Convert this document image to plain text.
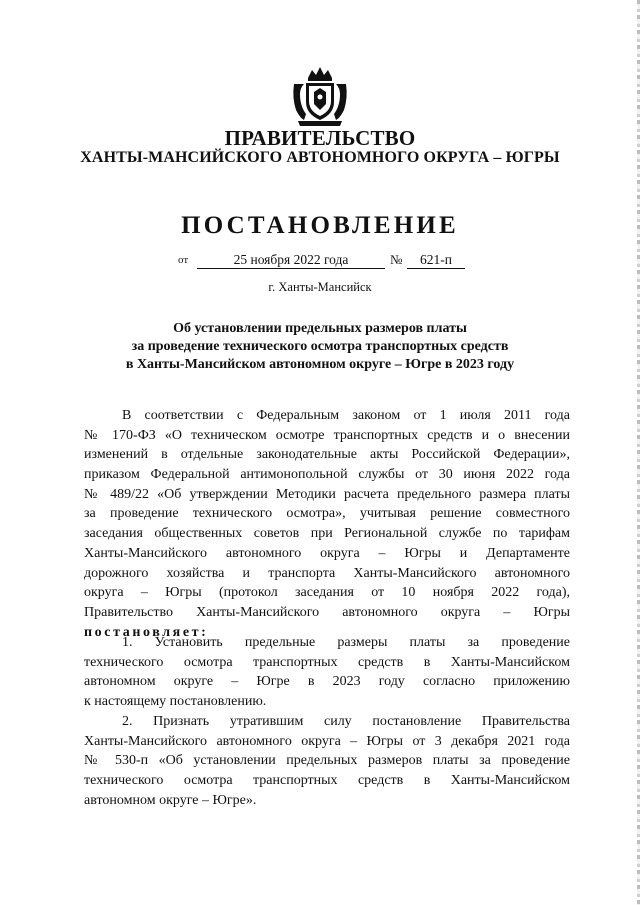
ПРАВИТЕЛЬСТВО
ХАНТЫ-МАНСИЙСКОГО АВТОНОМНОГО ОКРУГА – ЮГРЫ
ПОСТАНОВЛЕНИЕ
от	25 ноября 2022 года	№	621-п
г. Ханты-Мансийск
Об установлении предельных размеров платы
за проведение технического осмотра транспортных средств
в Ханты-Мансийском автономном округе – Югре в 2023 году
В соответствии с Федеральным законом от 1 июля 2011 года
№ 170-ФЗ «О техническом осмотре транспортных средств и о внесении
изменений в отдельные законодательные акты Российской Федерации»,
приказом Федеральной антимонопольной службы от 30 июня 2022 года
№ 489/22 «Об утверждении Методики расчета предельного размера платы
за проведение технического осмотра», учитывая решение совместного
заседания общественных советов при Региональной службе по тарифам
Ханты-Мансийского автономного округа – Югры и Департаменте
дорожного хозяйства и транспорта Ханты-Мансийского автономного
округа – Югры (протокол заседания от 10 ноября 2022 года),
Правительство Ханты-Мансийского автономного округа – Югры
постановляет:
1. Установить предельные размеры платы за проведение
технического осмотра транспортных средств в Ханты-Мансийском
автономном округе – Югре в 2023 году согласно приложению
к настоящему постановлению.
2. Признать утратившим силу постановление Правительства
Ханты-Мансийского автономного округа – Югры от 3 декабря 2021 года
№ 530-п «Об установлении предельных размеров платы за проведение
технического осмотра транспортных средств в Ханты-Мансийском
автономном округе – Югре».
